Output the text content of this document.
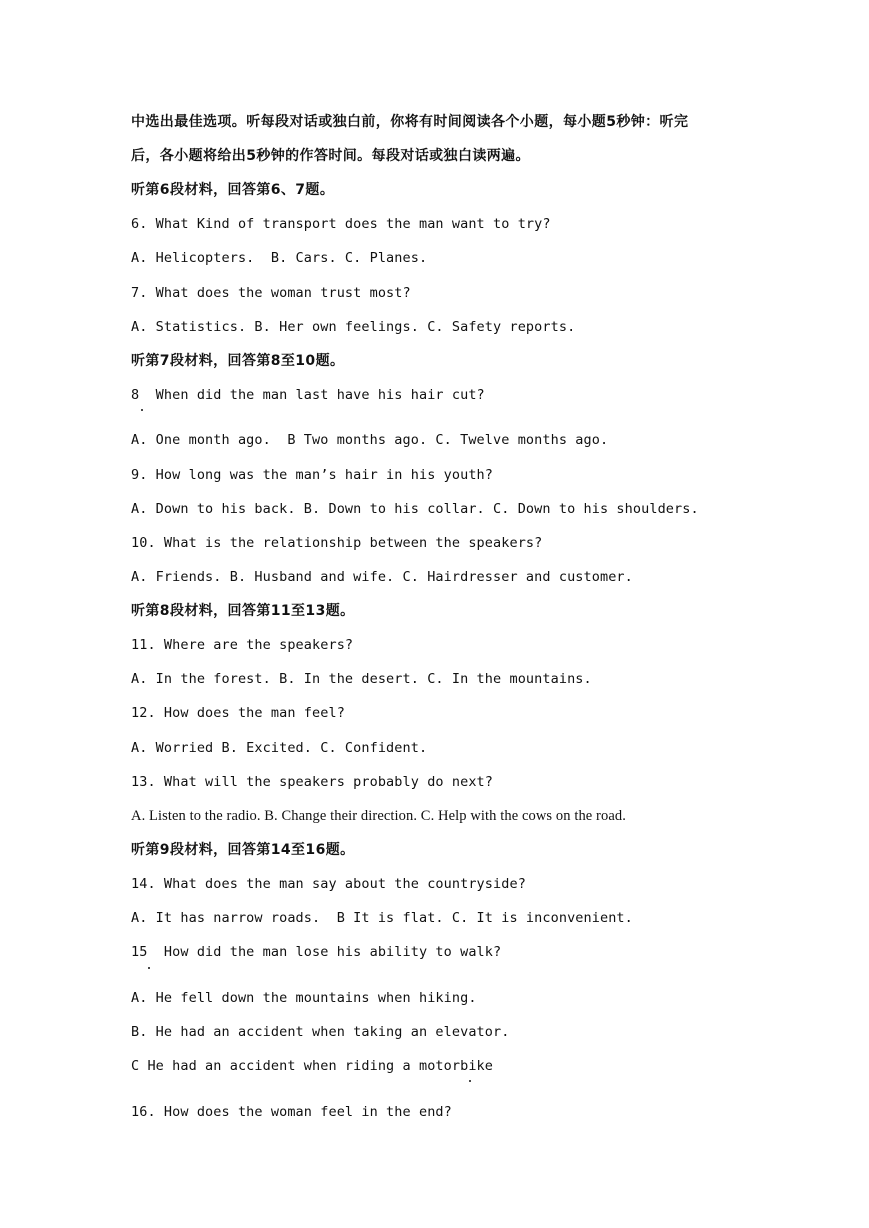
中选出最佳选项。听每段对话或独白前，你将有时间阅读各个小题，每小题5秒钟：听完
后，各小题将给出5秒钟的作答时间。每段对话或独白读两遍。
听第6段材料，回答第6、7题。
6. What Kind of transport does the man want to try?
A. Helicopters.  B. Cars. C. Planes.
7. What does the woman trust most?
A. Statistics. B. Her own feelings. C. Safety reports.
听第7段材料，回答第8至10题。
8  When did the man last have his hair cut?
A. One month ago.  B Two months ago. C. Twelve months ago.
9. How long was the man’s hair in his youth?
A. Down to his back. B. Down to his collar. C. Down to his shoulders.
10. What is the relationship between the speakers?
A. Friends. B. Husband and wife. C. Hairdresser and customer.
听第8段材料，回答第11至13题。
11. Where are the speakers?
A. In the forest. B. In the desert. C. In the mountains.
12. How does the man feel?
A. Worried B. Excited. C. Confident.
13. What will the speakers probably do next?
A. Listen to the radio. B. Change their direction. C. Help with the cows on the road.
听第9段材料，回答第14至16题。
14. What does the man say about the countryside?
A. It has narrow roads.  B It is flat. C. It is inconvenient.
15  How did the man lose his ability to walk?
A. He fell down the mountains when hiking.
B. He had an accident when taking an elevator.
C He had an accident when riding a motorbike
16. How does the woman feel in the end?
